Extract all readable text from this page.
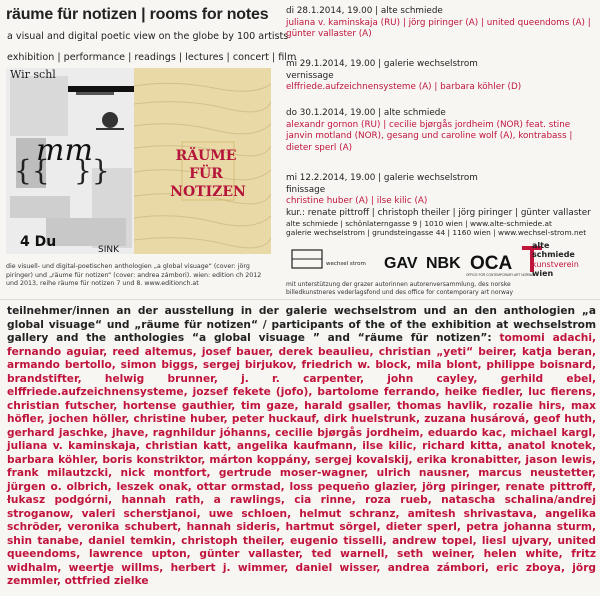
räume für notizen | rooms for notes
a visual and digital poetic view on the globe by 100 artists
exhibition | performance | readings | lectures | concert | film
Wir schl
mm
{{ }}
4 Du	SINK
RÄUME
FÜR
NOTIZEN
die visuell- und digital-poetischen anthologien „a global visuage“ (cover: jörg piringer) und „räume für notizen“ (cover: andrea zámbori). wien: edition ch 2012 und 2013, reihe räume für notizen 7 und 8. www.editionch.at
di 28.1.2014, 19.00 | alte schmiede
juliana v. kaminskaja (RU) | jörg piringer (A) | united queendoms (A) | günter vallaster (A)
mi 29.1.2014, 19.00 | galerie wechselstrom
vernissage
elffriede.aufzeichnensysteme (A) | barbara köhler (D)
do 30.1.2014, 19.00 | alte schmiede
alexandr gornon (RU) | cecilie bjørgås jordheim (NOR) feat. stine janvin motland (NOR), gesang und caroline wolf (A), kontrabass | dieter sperl (A)
mi 12.2.2014, 19.00 | galerie wechselstrom
finissage
christine huber (A) | ilse kilic (A)
alte schmiede | schönlaterngasse 9 | 1010 wien | www.alte-schmiede.at
galerie wechselstrom | grundsteingasse 44 | 1160 wien | www.wechsel-strom.net
kur.: renate pittroff | christoph theiler | jörg piringer | günter vallaster
wechsel strom GAV NBK OCA
OFFICE FOR CONTEMPORARY ART NORWAY
alte
schmiede
kunstverein
wien
mit unterstützung der grazer autorinnen autorenversammlung, des norske billedkunstneres vederlagsfond und des office for contemporary art norway
teilnehmer/innen an der ausstellung in der galerie wechselstrom und an den anthologien „a global visuage“ und „räume für notizen“ / participants of the of the exhibition at wechselstrom gallery and the anthologies “a global visuage ” and “räume für notizen”: tomomi adachi, fernando aguiar, reed altemus, josef bauer, derek beaulieu, christian „yeti“ beirer, katja beran, armando bertollo, simon biggs, sergej birjukov, friedrich w. block, mila blont, philippe boisnard, brandstifter, helwig brunner, j. r. carpenter, john cayley, gerhild ebel, elffriede.aufzeichnensysteme, jozsef fekete (jofo), bartolome ferrando, heike fiedler, luc fierens, christian futscher, hortense gauthier, tim gaze, harald gsaller, thomas havlik, rozalie hirs, max höfler, jochen höller, christine huber, peter huckauf, dirk huelstrunk, zuzana husárová, geof huth, gerhard jaschke, jhave, ragnhildur jóhanns, cecilie bjørgås jordheim, eduardo kac, michael kargl, juliana v. kaminskaja, christian katt, angelika kaufmann, ilse kilic, richard kitta, anatol knotek, barbara köhler, boris konstriktor, márton koppány, sergej kovalskij, erika kronabitter, jason lewis, frank milautzcki, nick montfort, gertrude moser-wagner, ulrich nausner, marcus neustetter, jürgen o. olbrich, leszek onak, ottar ormstad, loss pequeño glazier, jörg piringer, renate pittroff, łukasz podgórni, hannah rath, a rawlings, cia rinne, roza rueb, natascha schalina/andrej stroganow, valeri scherstjanoi, uwe schloen, helmut schranz, amitesh shrivastava, angelika schröder, veronika schubert, hannah sideris, hartmut sörgel, dieter sperl, petra johanna sturm, shin tanabe, daniel temkin, christoph theiler, eugenio tisselli, andrew topel, liesl ujvary, united queendoms, lawrence upton, günter vallaster, ted warnell, seth weiner, helen white, fritz widhalm, weertje willms, herbert j. wimmer, daniel wisser, andrea zámbori, eric zboya, jörg zemmler, ottfried zielke
